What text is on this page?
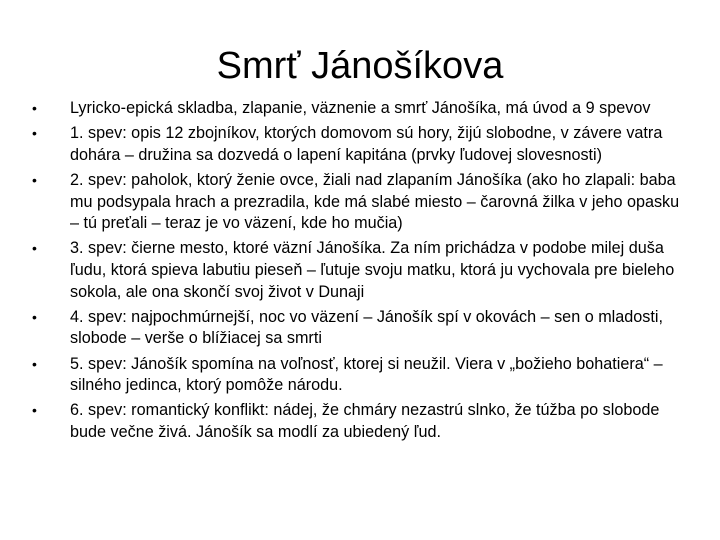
Smrť Jánošíkova
•	Lyricko-epická skladba, zlapanie, väznenie a smrť Jánošíka, má úvod a 9 spevov
•	1. spev: opis 12 zbojníkov, ktorých domovom sú hory, žijú slobodne, v závere vatra dohára – družina sa dozvedá o lapení kapitána (prvky ľudovej slovesnosti)
•	2. spev: paholok, ktorý ženie ovce, žiali nad zlapaním Jánošíka (ako ho zlapali: baba mu podsypala hrach a prezradila, kde má slabé miesto – čarovná žilka v jeho opasku – tú preťali – teraz je vo väzení, kde ho mučia)
•	3. spev: čierne mesto, ktoré väzní Jánošíka. Za ním prichádza v podobe milej duša ľudu, ktorá spieva labutiu pieseň – ľutuje svoju matku, ktorá ju vychovala pre bieleho sokola, ale ona skončí svoj život v Dunaji
•	4. spev: najpochmúrnejší, noc vo väzení – Jánošík spí v okovách – sen o mladosti, slobode – verše o blížiacej sa smrti
•	5. spev: Jánošík spomína na voľnosť, ktorej si neužil. Viera v „božieho bohatiera“ – silného jedinca, ktorý pomôže národu.
•	6. spev: romantický konflikt: nádej, že chmáry nezastrú slnko, že túžba po slobode bude večne živá. Jánošík sa modlí za ubiedený ľud.
